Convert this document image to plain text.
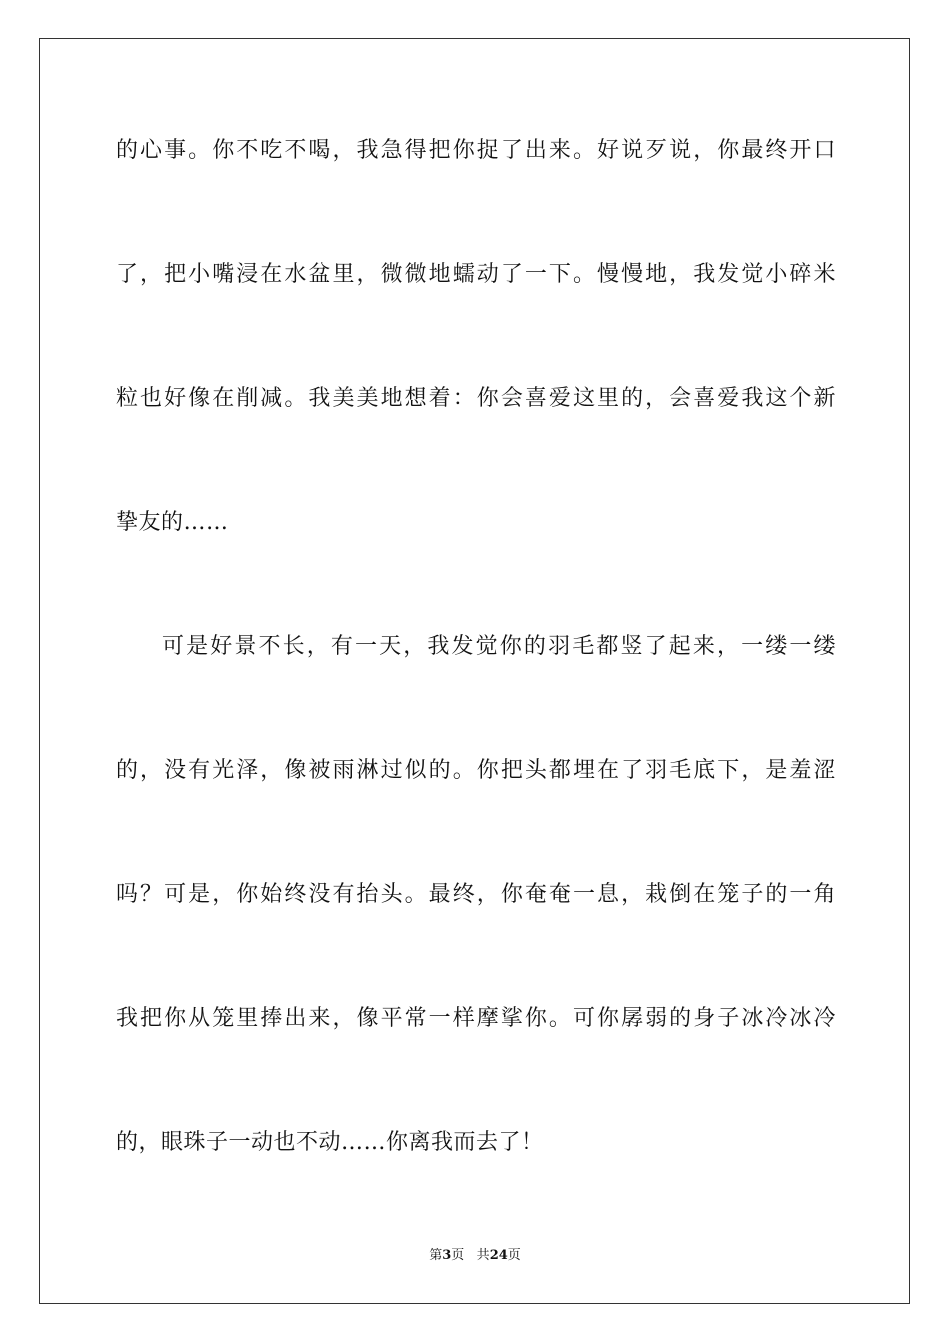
的心事。你不吃不喝，我急得把你捉了出来。好说歹说，你最终开口
了，把小嘴浸在水盆里，微微地蠕动了一下。慢慢地，我发觉小碎米
粒也好像在削减。我美美地想着：你会喜爱这里的，会喜爱我这个新
挚友的……
可是好景不长，有一天，我发觉你的羽毛都竖了起来，一缕一缕
的，没有光泽，像被雨淋过似的。你把头都埋在了羽毛底下，是羞涩
吗？可是，你始终没有抬头。最终，你奄奄一息，栽倒在笼子的一角
我把你从笼里捧出来，像平常一样摩挲你。可你孱弱的身子冰冷冰冷
的，眼珠子一动也不动……你离我而去了！
第3页 共24页
